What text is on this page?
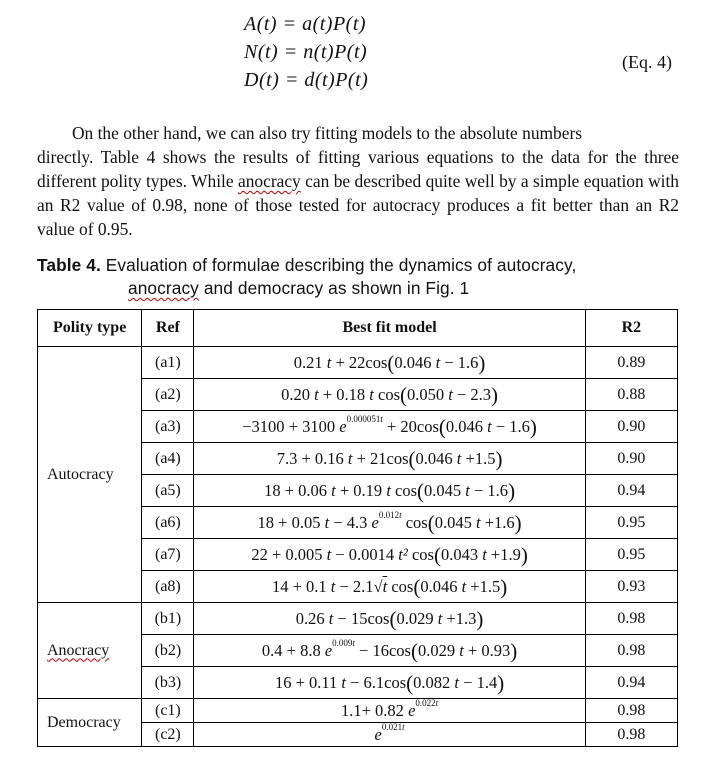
A(t) = a(t)P(t)
N(t) = n(t)P(t)
D(t) = d(t)P(t)
(Eq. 4)
On the other hand, we can also try fitting models to the absolute numbers
directly. Table 4 shows the results of fitting various equations to the data for the three different polity types. While anocracy can be described quite well by a simple equation with an R2 value of 0.98, none of those tested for autocracy produces a fit better than an R2 value of 0.95.
Table 4. Evaluation of formulae describing the dynamics of autocracy,
anocracy and democracy as shown in Fig. 1
Polity type	Ref	Best fit model	R2
Autocracy	(a1)	0.21 t + 22cos(0.046 t − 1.6)	0.89
	(a2)	0.20 t + 0.18 t cos(0.050 t − 2.3)	0.88
	(a3)	−3100 + 3100 $e^{0.000051t} + 20\cos(0.046$ t − 1.6)	0.90
	(a4)	7.3 + 0.16 t + 21cos(0.046 t +1.5)	0.90
	(a5)	18 + 0.06 t + 0.19 t cos(0.045 t − 1.6)	0.94
	(a6)	18 + 0.05 t − 4.3 $e^{0.012t}$ cos(0.045 t +1.6)	0.95
	(a7)	22 + 0.005 t − 0.0014 t² cos(0.043 t +1.9)	0.95
	(a8)	14 + 0.1 t − 2.1√t cos(0.046 t +1.5)	0.93
Anocracy	(b1)	0.26 t − 15cos(0.029 t +1.3)	0.98
	(b2)	0.4 + 8.8 $e^{0.009t} - 16\cos(0.029$ t + 0.93)	0.98
	(b3)	16 + 0.11 t − 6.1cos(0.082 t − 1.4)	0.94
Democracy	(c1)	1.1+ 0.82 $e^{0.022t}$	0.98
	(c2)	$e^{0.021t}$	0.98
